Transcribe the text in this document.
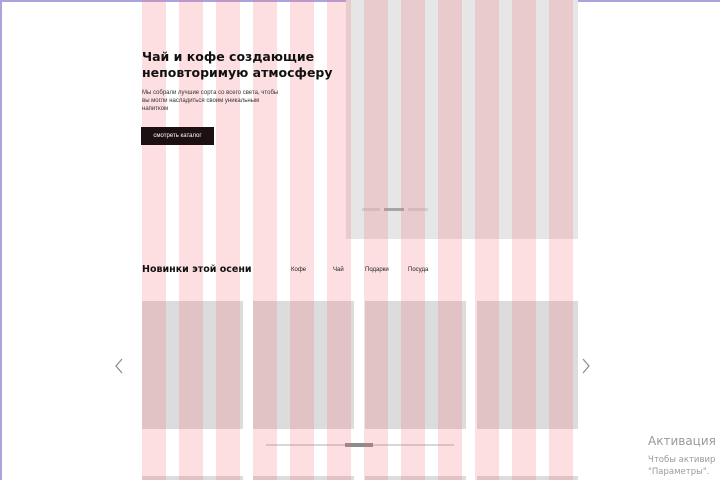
Чай и кофе создающие неповторимую атмосферу
Мы собрали лучшие сорта со всего света, чтобы вы могли насладиться своим уникальным напитком
смотреть каталог
Новинки этой осени	Кофе	Чай	Подарки	Посуда
Активация
Чтобы активир
"Параметры".
